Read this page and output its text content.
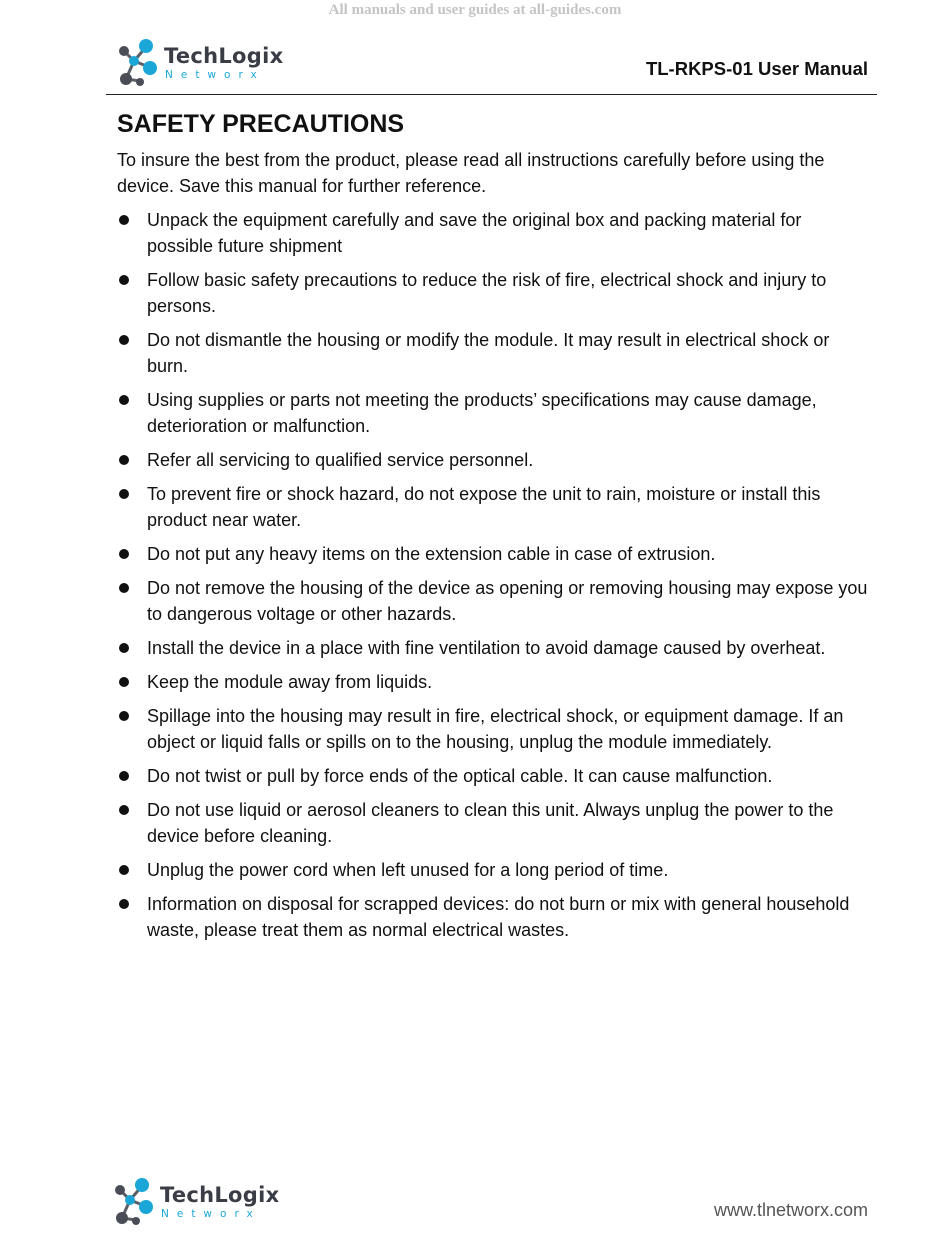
All manuals and user guides at all-guides.com
TechLogix
Networx	TL-RKPS-01 User Manual
SAFETY PRECAUTIONS

To insure the best from the product, please read all instructions carefully before using the device. Save this manual for further reference.

Unpack the equipment carefully and save the original box and packing material for possible future shipment
Follow basic safety precautions to reduce the risk of fire, electrical shock and injury to persons.
Do not dismantle the housing or modify the module. It may result in electrical shock or burn.
Using supplies or parts not meeting the products’ specifications may cause damage, deterioration or malfunction.
Refer all servicing to qualified service personnel.
To prevent fire or shock hazard, do not expose the unit to rain, moisture or install this product near water.
Do not put any heavy items on the extension cable in case of extrusion.
Do not remove the housing of the device as opening or removing housing may expose you to dangerous voltage or other hazards.
Install the device in a place with fine ventilation to avoid damage caused by overheat.
Keep the module away from liquids.
Spillage into the housing may result in fire, electrical shock, or equipment damage. If an object or liquid falls or spills on to the housing, unplug the module immediately.
Do not twist or pull by force ends of the optical cable. It can cause malfunction.
Do not use liquid or aerosol cleaners to clean this unit. Always unplug the power to the device before cleaning.
Unplug the power cord when left unused for a long period of time.
Information on disposal for scrapped devices: do not burn or mix with general household waste, please treat them as normal electrical wastes.
TechLogix
Networx	www.tlnetworx.com
